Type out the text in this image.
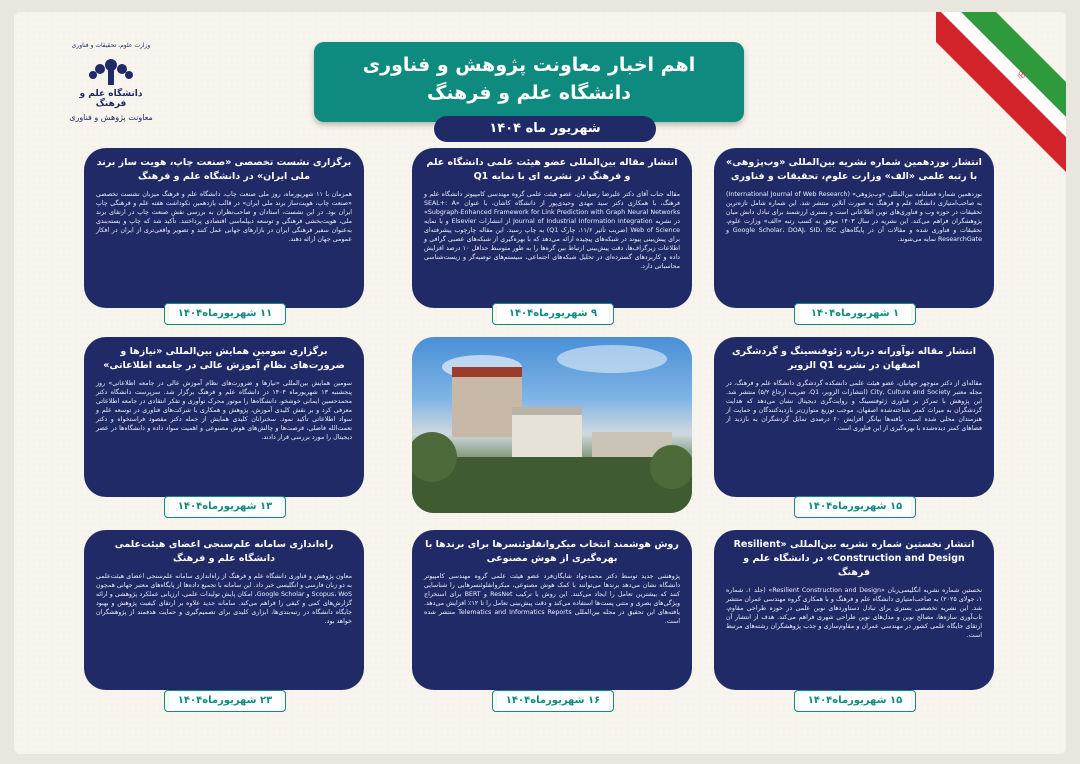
♔
وزارت علوم، تحقیقات و فناوری
دانشگاه علم و فرهنگ
معاونت پژوهش و فناوری
اهم اخبار معاونت پژوهش و فناوری
دانشگاه علم و فرهنگ
شهریور ماه ۱۴۰۴
انتشار نوزدهمین شماره نشریه بین‌المللی «وب‌پژوهی» با رتبه علمی «الف» وزارت علوم، تحقیقات و فناوری
نوزدهمین شماره فصلنامه بین‌المللی «وب‌پژوهی» (International Journal of Web Research) به صاحب‌امتیازی دانشگاه علم و فرهنگ به صورت آنلاین منتشر شد. این شماره شامل تازه‌ترین تحقیقات در حوزه وب و فناوری‌های نوین اطلاعاتی است و بستری ارزشمند برای تبادل دانش میان پژوهشگران فراهم می‌کند. این نشریه در سال ۱۴۰۳ موفق به کسب رتبه «الف» وزارت علوم، تحقیقات و فناوری شده و مقالات آن در پایگاه‌های Google Scholar، DOAJ، SID، ISC و ResearchGate نمایه می‌شوند.
۱ شهریورماه۱۴۰۴
انتشار مقاله بین‌المللی عضو هیئت علمی دانشگاه علم و فرهنگ در نشریه ای با نمایه Q1
مقاله جناب آقای دکتر علیرضا رضوانیان، عضو هیئت علمی گروه مهندسی کامپیوتر دانشگاه علم و فرهنگ، با همکاری دکتر سید مهدی وحیدی‌پور از دانشگاه کاشان، با عنوان «SEAL+: A Subgraph-Enhanced Framework for Link Prediction with Graph Neural Networks» در نشریه Journal of Industrial Information Integration از انتشارات Elsevier و با نمایه Web of Science (ضریب تأثیر ۱۱/۶، چارک Q1) به چاپ رسید. این مقاله چارچوب پیشرفته‌ای برای پیش‌بینی پیوند در شبکه‌های پیچیده ارائه می‌دهد که با بهره‌گیری از شبکه‌های عصبی گرافی و اطلاعات زیرگراف‌ها، دقت پیش‌بینی ارتباط بین گره‌ها را به طور متوسط حداقل ۱۰ درصد افزایش داده و کاربردهای گسترده‌ای در تحلیل شبکه‌های اجتماعی، سیستم‌های توصیه‌گر و زیست‌شناسی محاسباتی دارد.
۹ شهریورماه۱۴۰۴
برگزاری نشست تخصصی «صنعت چاپ، هویت ساز برند ملی ایران» در دانشگاه علم و فرهنگ
همزمان با ۱۱ شهریورماه، روز ملی صنعت چاپ، دانشگاه علم و فرهنگ میزبان نشست تخصصی «صنعت چاپ، هویت‌ساز برند ملی ایران» در قالب یازدهمین نکوداشت هفته علم و فرهنگی چاپ ایران بود. در این نشست، استادان و صاحب‌نظران به بررسی نقش صنعت چاپ در ارتقای برند ملی، هویت‌بخشی فرهنگی و توسعه دیپلماسی اقتصادی پرداختند. تأکید شد که چاپ و بسته‌بندی به‌عنوان سفیر فرهنگی ایران در بازارهای جهانی عمل کنند و تصویر واقعی‌تری از ایران در افکار عمومی جهان ارائه دهند.
۱۱ شهریورماه۱۴۰۴
انتشار مقاله نوآورانه درباره ژئوفنسینگ و گردشگری اصفهان در نشریه Q1 الزویر
مقاله‌ای از دکتر منوچهر جهانیان، عضو هیئت علمی دانشکده گردشگری دانشگاه علم و فرهنگ، در مجله معتبر City, Culture and Society (انتشارات الزویر، Q1، ضریب ارجاع ۵/۲) منتشر شد. این پژوهش با تمرکز بر فناوری ژئوفنسینگ و روایت‌گری دیجیتال نشان می‌دهد که هدایت گردشگران به میراث کمتر شناخته‌شده اصفهان، موجب توزیع متوازن‌تر بازدیدکنندگان و حمایت از هنرمندان محلی شده است. یافته‌ها بیانگر افزایش ۶۰ درصدی تمایل گردشگران به بازدید از فضاهای کمتر دیده‌شده با بهره‌گیری از این فناوری است.
۱۵ شهریورماه۱۴۰۴
برگزاری سومین همایش بین‌المللی «نیازها و ضرورت‌های نظام آموزش عالی در جامعه اطلاعاتی»
سومین همایش بین‌المللی «نیازها و ضرورت‌های نظام آموزش عالی در جامعه اطلاعاتی» روز پنجشنبه ۱۳ شهریورماه ۱۴۰۴ در دانشگاه علم و فرهنگ برگزار شد. سرپرست دانشگاه دکتر محمدحسین ایمانی خوشخو، دانشگاه‌ها را موتور محرک نوآوری و تفکر انتقادی در جامعه اطلاعاتی معرفی کرد و بر نقش کلیدی آموزش، پژوهش و همکاری با شرکت‌های فناوری در توسعه علم و سواد اطلاعاتی تأکید نمود. سخنرانان کلیدی همایش از جمله دکتر مقصود فراستخواه و دکتر نعمت‌الله فاضلی، فرصت‌ها و چالش‌های هوش مصنوعی و اهمیت سواد داده و دانشگاه‌ها در عصر دیجیتال را مورد بررسی قرار دادند.
۱۳ شهریورماه۱۴۰۴
انتشار نخستین شماره نشریه بین‌المللی «Resilient Construction and Design» در دانشگاه علم و فرهنگ
نخستین شماره نشریه انگلیسی‌زبان «Resilient Construction and Design» (جلد ۱، شماره ۱، جولای ۲۰۲۵) به صاحب‌امتیازی دانشگاه علم و فرهنگ و با همکاری گروه مهندسی عمران منتشر شد. این نشریه تخصصی بستری برای تبادل دستاوردهای نوین علمی در حوزه طراحی مقاوم، تاب‌آوری سازه‌ها، مصالح نوین و مدل‌های نوین طراحی شهری فراهم می‌کند. هدف از انتشار آن ارتقای جایگاه علمی کشور در مهندسی عمران و مقاوم‌سازی و جذب پژوهشگران رشته‌های مرتبط است.
۱۵ شهریورماه۱۴۰۴
روش هوشمند انتخاب میکروانفلوئنسرها برای برندها با بهره‌گیری از هوش مصنوعی
پژوهشی جدید توسط دکتر محمدجواد شایگان‌فرد عضو هیئت علمی گروه مهندسی کامپیوتر دانشگاه نشان می‌دهد برندها می‌توانند با کمک هوش مصنوعی، میکروانفلوئنسرهایی را شناسایی کنند که بیشترین تعامل را ایجاد می‌کنند. این روش با ترکیب ResNet و BERT برای استخراج ویژگی‌های بصری و متنی پست‌ها استفاده می‌کند و دقت پیش‌بینی تعامل را تا ۱۲٪ افزایش می‌دهد. یافته‌های این تحقیق در مجله بین‌المللی Telematics and Informatics Reports منتشر شده است.
۱۶ شهریورماه۱۴۰۴
راه‌اندازی سامانه علم‌سنجی اعضای هیئت‌علمی دانشگاه علم و فرهنگ
معاون پژوهش و فناوری دانشگاه علم و فرهنگ از راه‌اندازی سامانه علم‌سنجی اعضای هیئت‌علمی به دو زبان فارسی و انگلیسی خبر داد. این سامانه با تجمیع داده‌ها از پایگاه‌های معتبر جهانی همچون Scopus، WoS و Google Scholar، امکان پایش تولیدات علمی، ارزیابی عملکرد پژوهشی و ارائه گزارش‌های کمی و کیفی را فراهم می‌کند. سامانه جدید علاوه بر ارتقای کیفیت پژوهش و بهبود جایگاه دانشگاه در رتبه‌بندی‌ها، ابزاری کلیدی برای تصمیم‌گیری و حمایت هدفمند از پژوهشگران خواهد بود.
۲۳ شهریورماه۱۴۰۴
